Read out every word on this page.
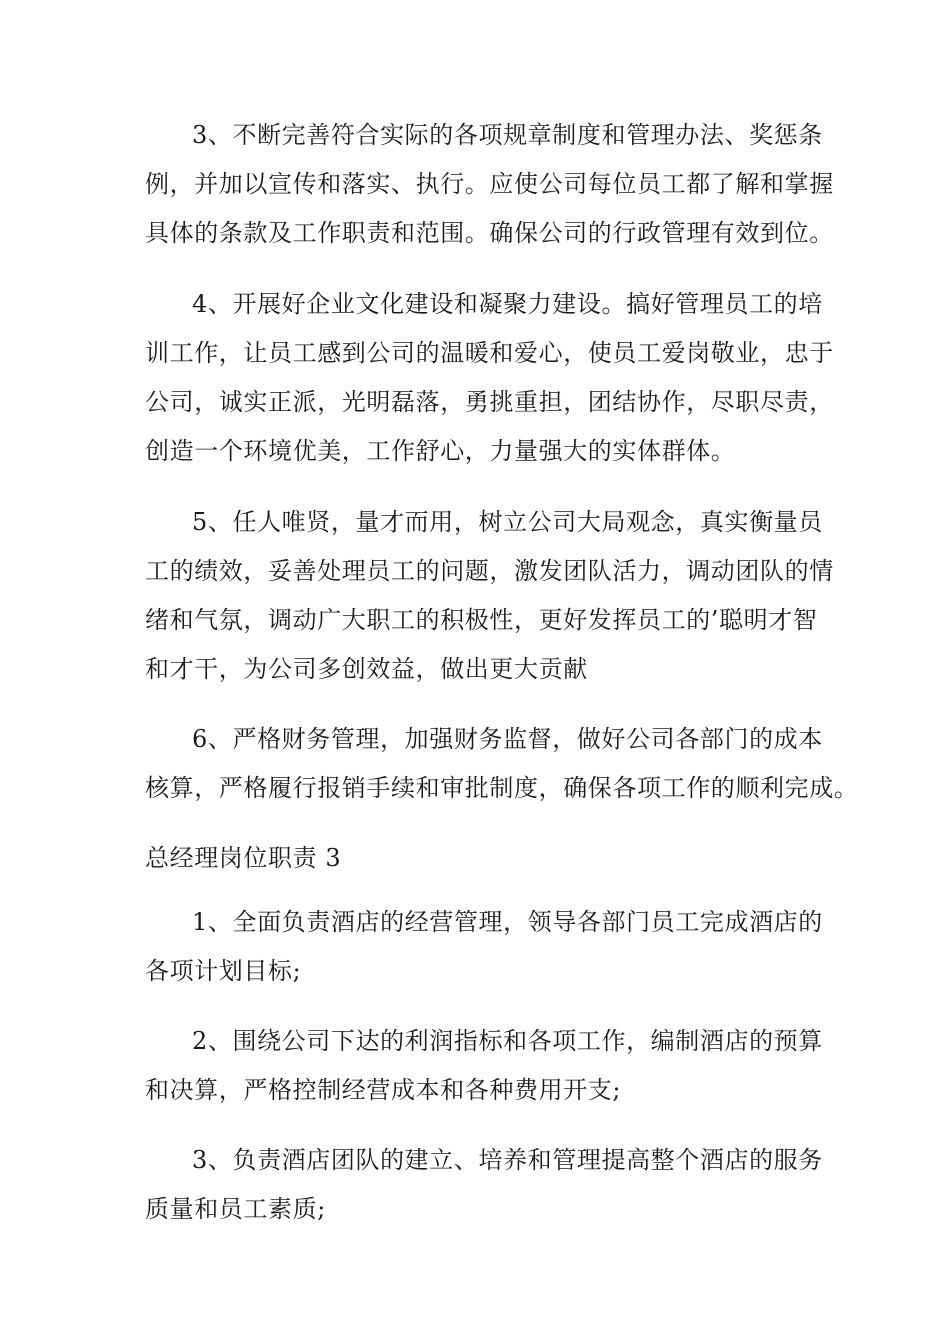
3、不断完善符合实际的各项规章制度和管理办法、奖惩条
例，并加以宣传和落实、执行。应使公司每位员工都了解和掌握
具体的条款及工作职责和范围。确保公司的行政管理有效到位。
4、开展好企业文化建设和凝聚力建设。搞好管理员工的培
训工作，让员工感到公司的温暖和爱心，使员工爱岗敬业，忠于
公司，诚实正派，光明磊落，勇挑重担，团结协作，尽职尽责，
创造一个环境优美，工作舒心，力量强大的实体群体。
5、任人唯贤，量才而用，树立公司大局观念，真实衡量员
工的绩效，妥善处理员工的问题，激发团队活力，调动团队的情
绪和气氛，调动广大职工的积极性，更好发挥员工的’聪明才智
和才干，为公司多创效益，做出更大贡献
6、严格财务管理，加强财务监督，做好公司各部门的成本
核算，严格履行报销手续和审批制度，确保各项工作的顺利完成。
总经理岗位职责 3
1、全面负责酒店的经营管理，领导各部门员工完成酒店的
各项计划目标;
2、围绕公司下达的利润指标和各项工作，编制酒店的预算
和决算，严格控制经营成本和各种费用开支;
3、负责酒店团队的建立、培养和管理提高整个酒店的服务
质量和员工素质;
